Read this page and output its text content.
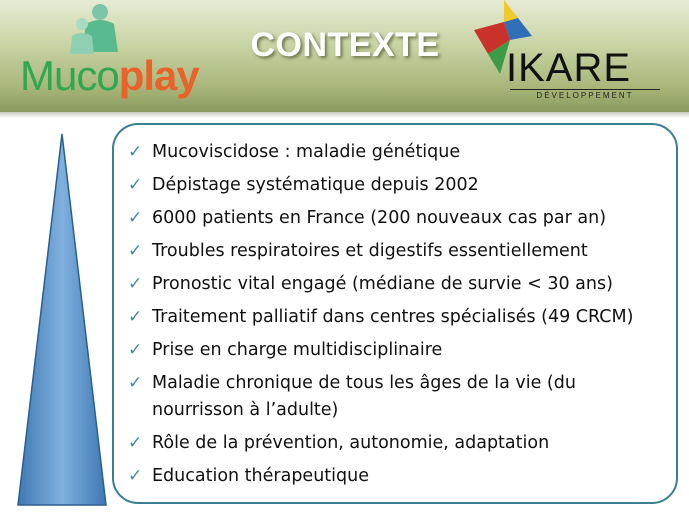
Mucoplay
CONTEXTE
IKARE
DÉVELOPPEMENT
✓ Mucoviscidose : maladie génétique
✓ Dépistage systématique depuis 2002
✓ 6000 patients en France (200 nouveaux cas par an)
✓ Troubles respiratoires et digestifs essentiellement
✓ Pronostic vital engagé (médiane de survie < 30 ans)
✓ Traitement palliatif dans centres spécialisés (49 CRCM)
✓ Prise en charge multidisciplinaire
✓ Maladie chronique de tous les âges de la vie (du nourrisson à l’adulte)
✓ Rôle de la prévention, autonomie, adaptation
✓ Education thérapeutique
